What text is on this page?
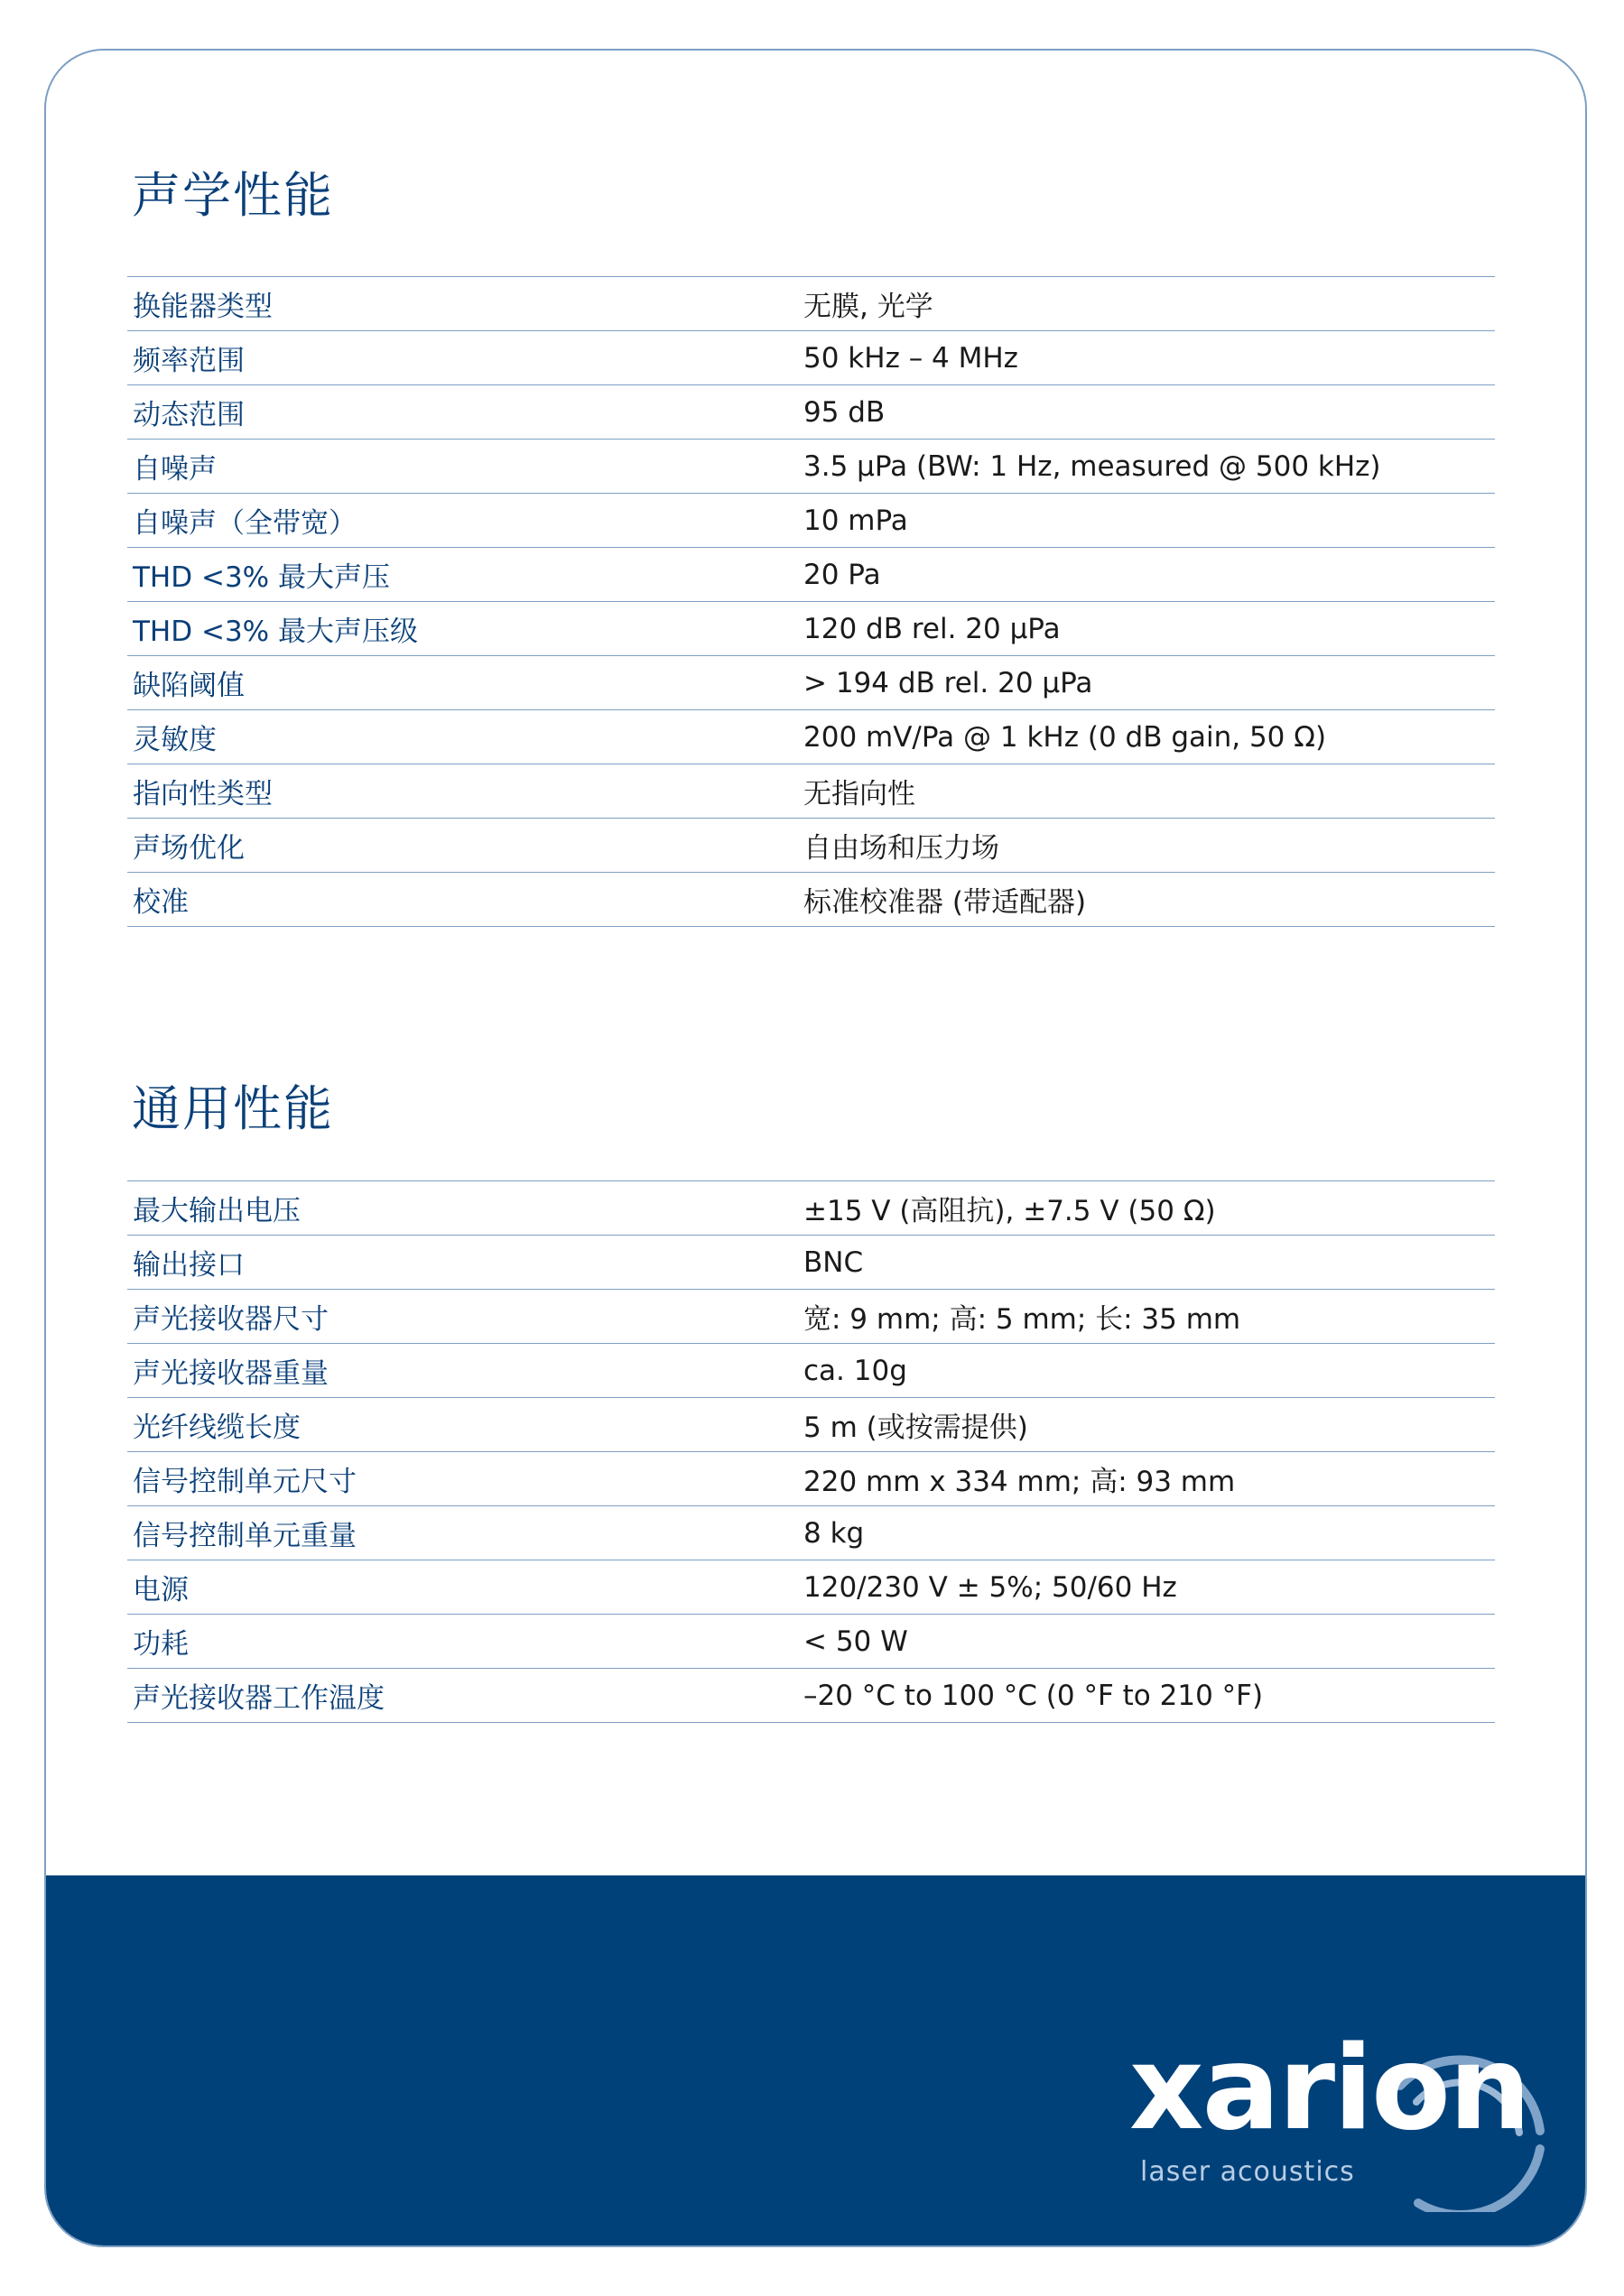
声学性能
换能器类型	无膜, 光学
频率范围	50 kHz – 4 MHz
动态范围	95 dB
自噪声	3.5 µPa (BW: 1 Hz, measured @ 500 kHz)
自噪声（全带宽）	10 mPa
THD <3% 最大声压	20 Pa
THD <3% 最大声压级	120 dB rel. 20 µPa
缺陷阈值	> 194 dB rel. 20 µPa
灵敏度	200 mV/Pa @ 1 kHz (0 dB gain, 50 Ω)
指向性类型	无指向性
声场优化	自由场和压力场
校准	标准校准器 (带适配器)
通用性能
最大输出电压	±15 V (高阻抗), ±7.5 V (50 Ω)
输出接口	BNC
声光接收器尺寸	宽: 9 mm; 高: 5 mm; 长: 35 mm
声光接收器重量	ca. 10g
光纤线缆长度	5 m (或按需提供)
信号控制单元尺寸	220 mm x 334 mm; 高: 93 mm
信号控制单元重量	8 kg
电源	120/230 V ± 5%; 50/60 Hz
功耗	< 50 W
声光接收器工作温度	–20 °C to 100 °C (0 °F to 210 °F)
xarion
laser acoustics
